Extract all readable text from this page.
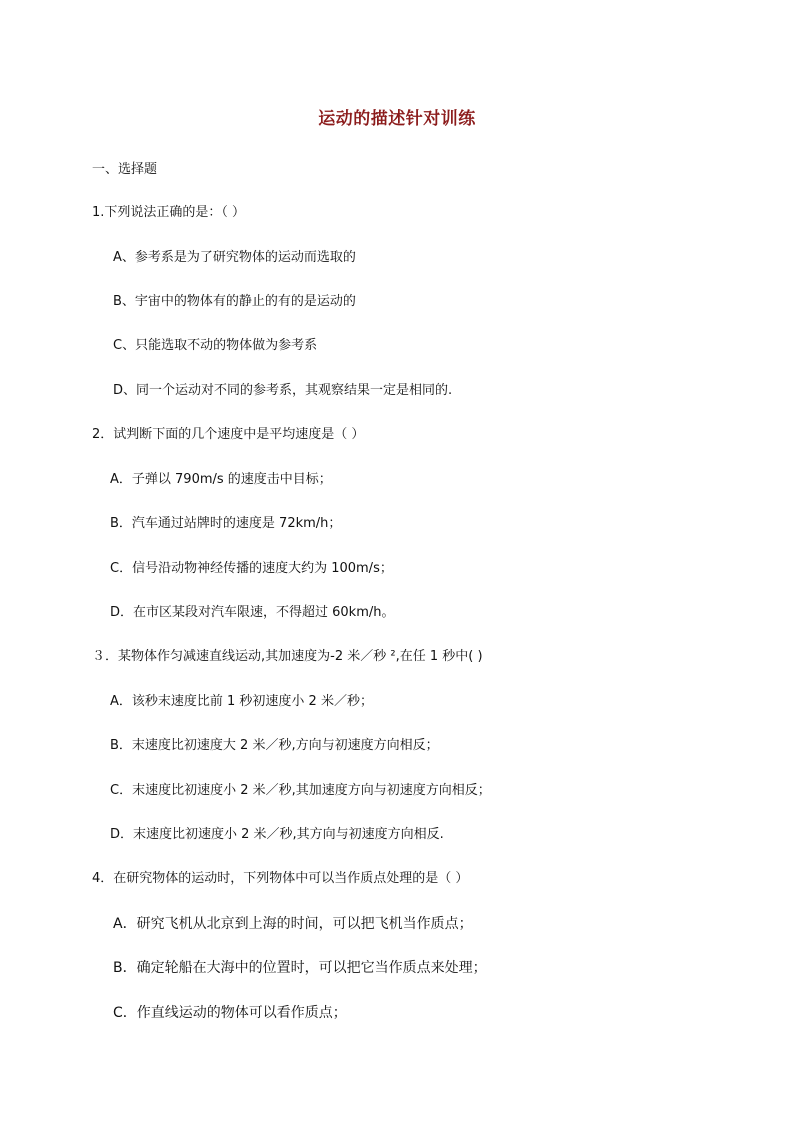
运动的描述针对训练
一、选择题
1.下列说法正确的是：（ ）
A、参考系是为了研究物体的运动而选取的
B、宇宙中的物体有的静止的有的是运动的
C、只能选取不动的物体做为参考系
D、同一个运动对不同的参考系，其观察结果一定是相同的.
2．试判断下面的几个速度中是平均速度是（ ）
A．子弹以 790m/s 的速度击中目标；
B．汽车通过站牌时的速度是 72km/h；
C．信号沿动物神经传播的速度大约为 100m/s；
D．在市区某段对汽车限速，不得超过 60km/h。
３．某物体作匀减速直线运动,其加速度为-2 米／秒 ²,在任 1 秒中( )
A．该秒末速度比前 1 秒初速度小 2 米／秒；
B．末速度比初速度大 2 米／秒,方向与初速度方向相反；
C．末速度比初速度小 2 米／秒,其加速度方向与初速度方向相反；
D．末速度比初速度小 2 米／秒,其方向与初速度方向相反.
4．在研究物体的运动时，下列物体中可以当作质点处理的是（ ）
A．研究飞机从北京到上海的时间，可以把飞机当作质点；
B．确定轮船在大海中的位置时，可以把它当作质点来处理；
C．作直线运动的物体可以看作质点；
